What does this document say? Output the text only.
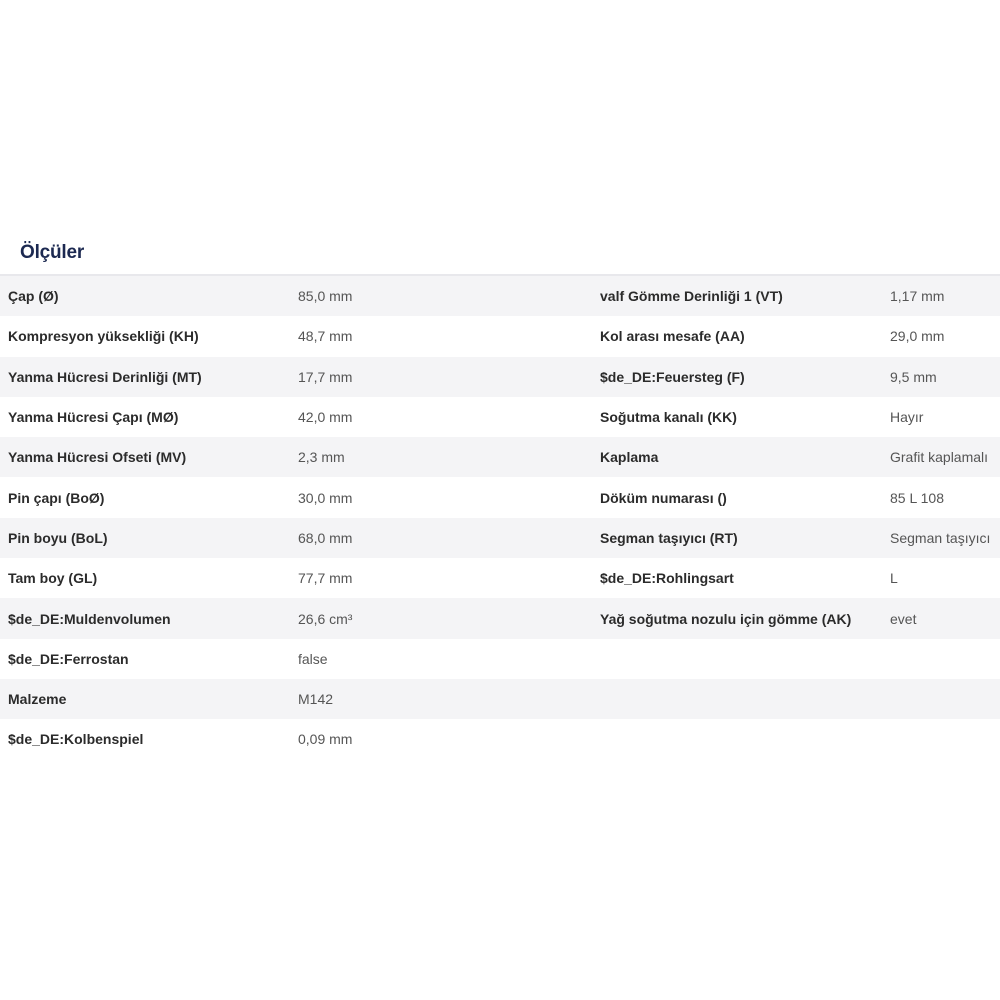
Ölçüler
Çap (Ø)	85,0 mm	valf Gömme Derinliği 1 (VT)	1,17 mm
Kompresyon yüksekliği (KH)	48,7 mm	Kol arası mesafe (AA)	29,0 mm
Yanma Hücresi Derinliği (MT)	17,7 mm	$de_DE:Feuersteg (F)	9,5 mm
Yanma Hücresi Çapı (MØ)	42,0 mm	Soğutma kanalı (KK)	Hayır
Yanma Hücresi Ofseti (MV)	2,3 mm	Kaplama	Grafit kaplamalı
Pin çapı (BoØ)	30,0 mm	Döküm numarası ()	85 L 108
Pin boyu (BoL)	68,0 mm	Segman taşıyıcı (RT)	Segman taşıyıcı
Tam boy (GL)	77,7 mm	$de_DE:Rohlingsart	L
$de_DE:Muldenvolumen	26,6 cm³	Yağ soğutma nozulu için gömme (AK)	evet
$de_DE:Ferrostan	false		
Malzeme	M142		
$de_DE:Kolbenspiel	0,09 mm		
